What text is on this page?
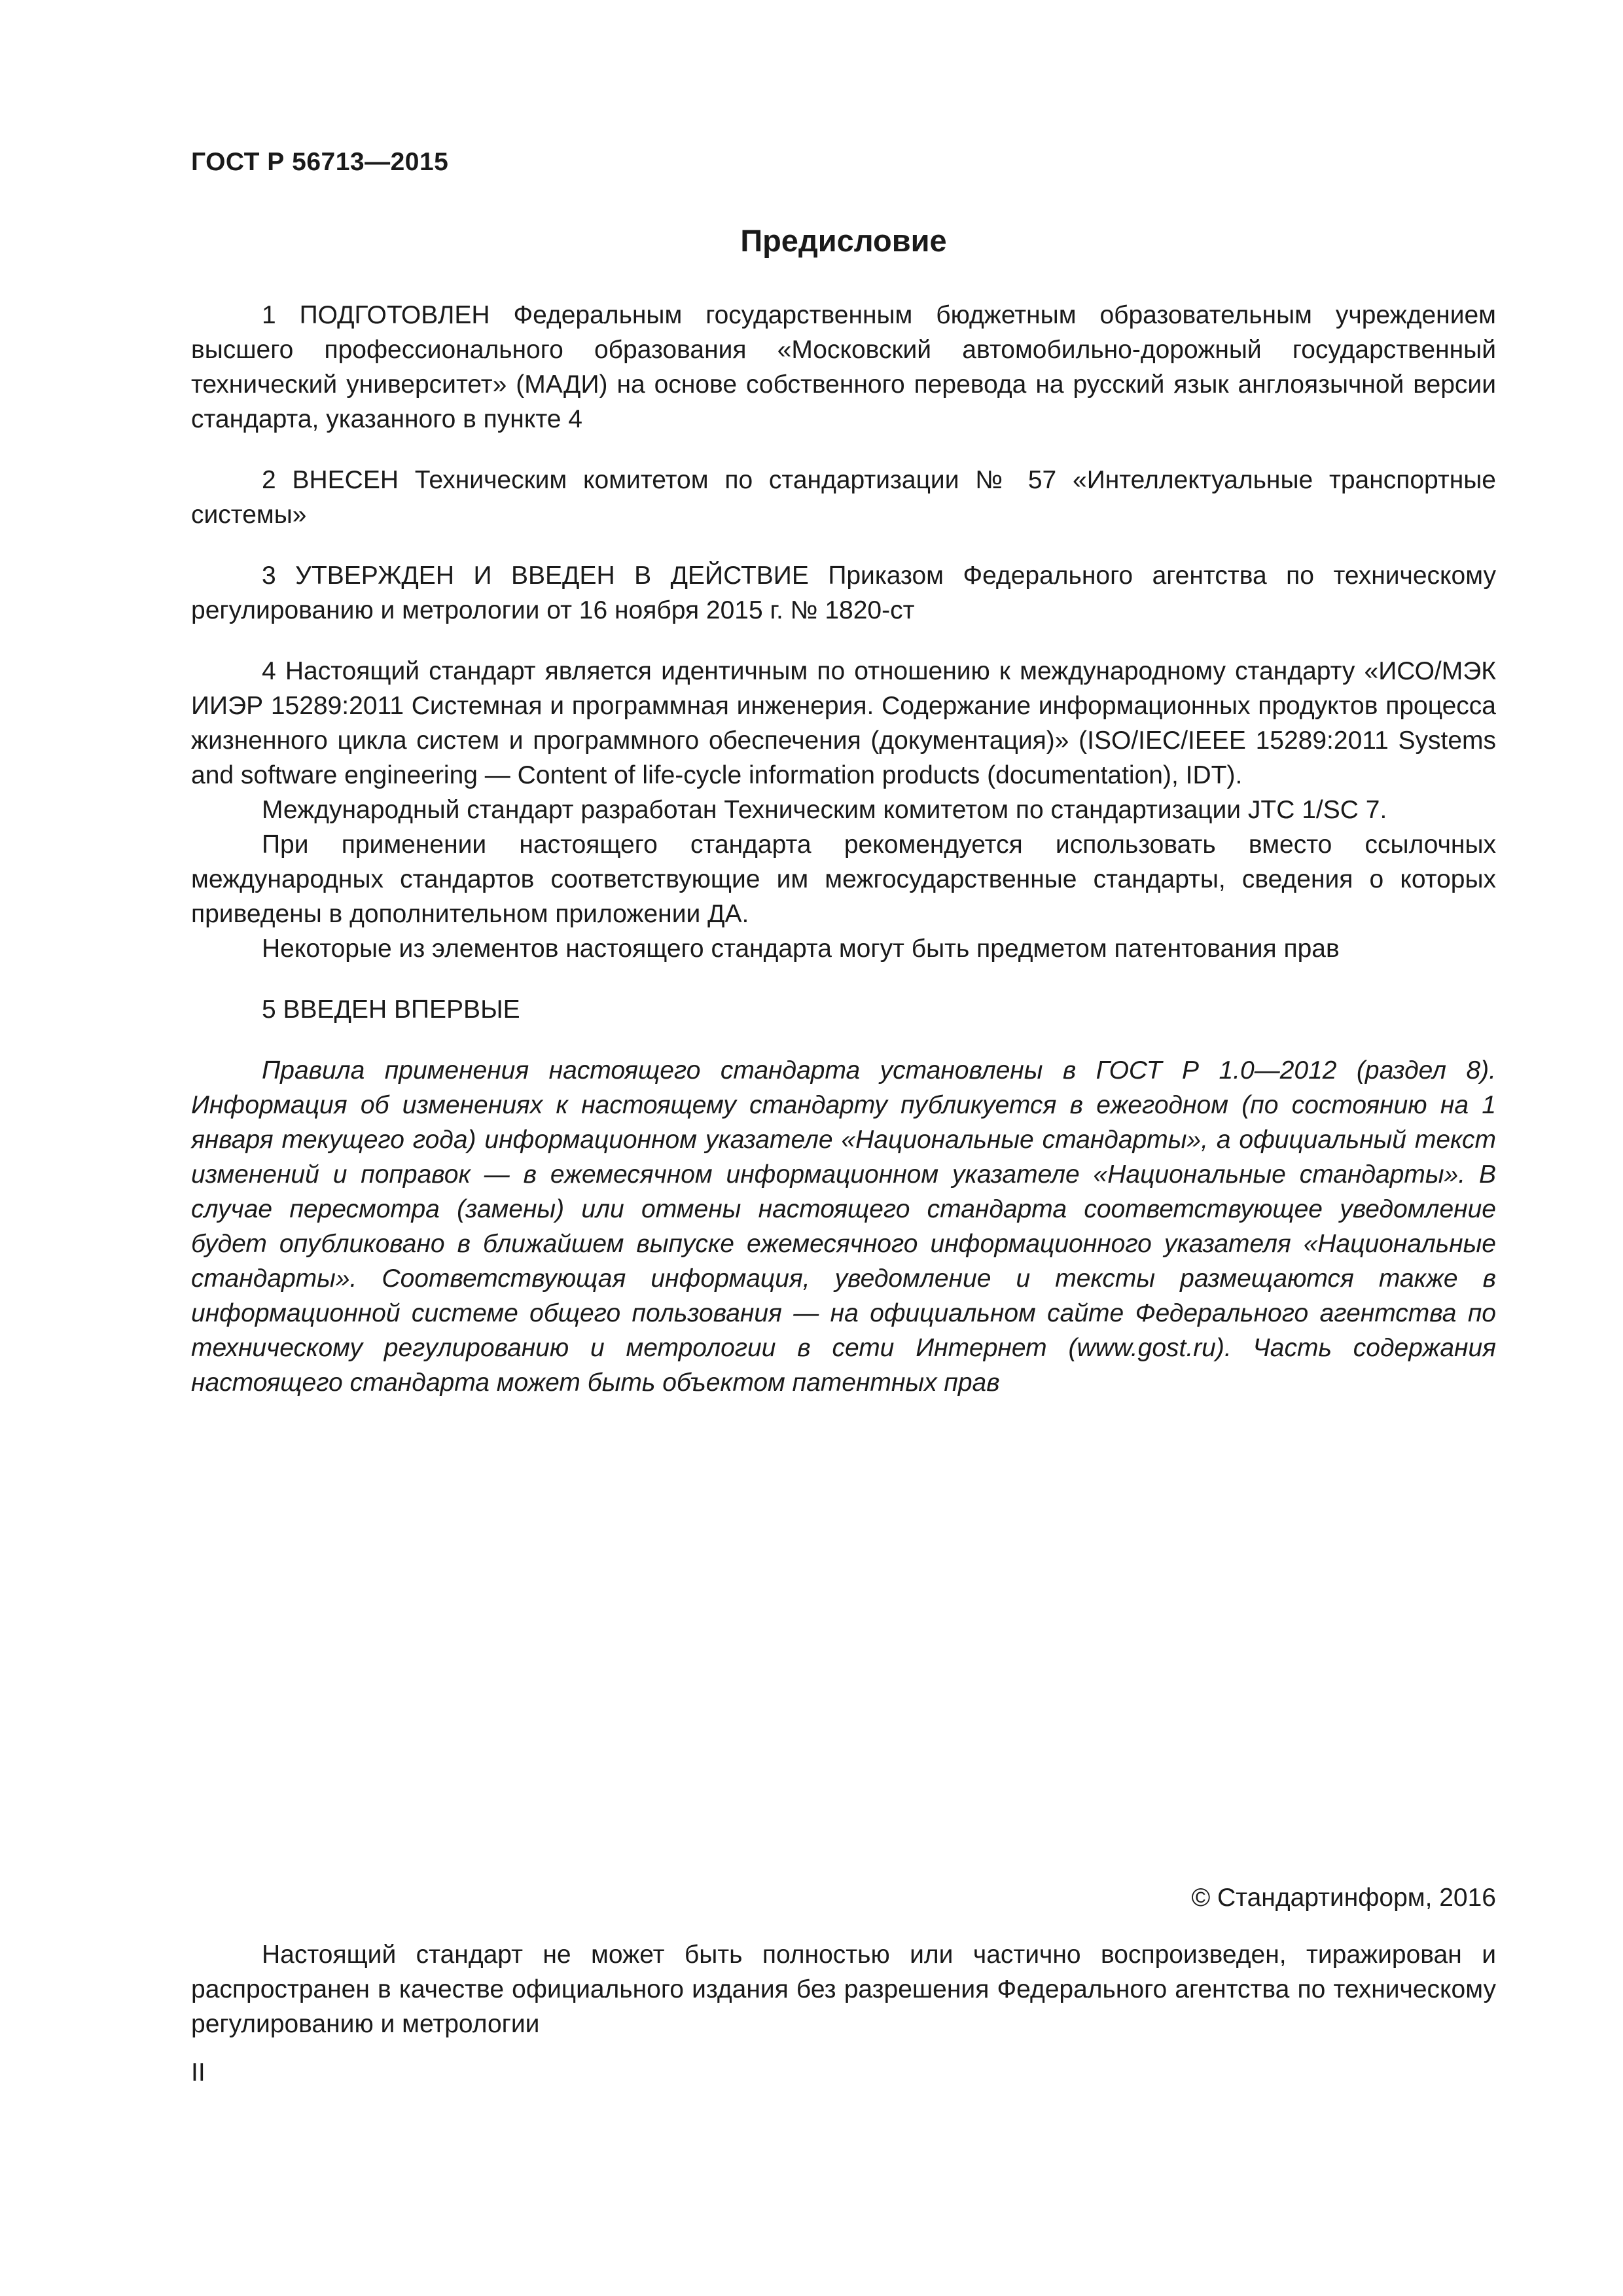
ГОСТ Р 56713—2015
Предисловие

1 ПОДГОТОВЛЕН Федеральным государственным бюджетным образовательным учреждением высшего профессионального образования «Московский автомобильно-дорожный государственный технический университет» (МАДИ) на основе собственного перевода на русский язык англоязычной версии стандарта, указанного в пункте 4

2 ВНЕСЕН Техническим комитетом по стандартизации № 57 «Интеллектуальные транспортные системы»

3 УТВЕРЖДЕН И ВВЕДЕН В ДЕЙСТВИЕ Приказом Федерального агентства по техническому регулированию и метрологии от 16 ноября 2015 г. № 1820-ст

4 Настоящий стандарт является идентичным по отношению к международному стандарту «ИСО/МЭК ИИЭР 15289:2011 Системная и программная инженерия. Содержание информационных продуктов процесса жизненного цикла систем и программного обеспечения (документация)» (ISO/IEC/IEEE 15289:2011 Systems and software engineering — Content of life-cycle information products (documentation), IDT).

Международный стандарт разработан Техническим комитетом по стандартизации JTC 1/SC 7.

При применении настоящего стандарта рекомендуется использовать вместо ссылочных международных стандартов соответствующие им межгосударственные стандарты, сведения о которых приведены в дополнительном приложении ДА.

Некоторые из элементов настоящего стандарта могут быть предметом патентования прав

5 ВВЕДЕН ВПЕРВЫЕ

Правила применения настоящего стандарта установлены в ГОСТ Р 1.0—2012 (раздел 8). Информация об изменениях к настоящему стандарту публикуется в ежегодном (по состоянию на 1 января текущего года) информационном указателе «Национальные стандарты», а официальный текст изменений и поправок — в ежемесячном информационном указателе «Национальные стандарты». В случае пересмотра (замены) или отмены настоящего стандарта соответствующее уведомление будет опубликовано в ближайшем выпуске ежемесячного информационного указателя «Национальные стандарты». Соответствующая информация, уведомление и тексты размещаются также в информационной системе общего пользования — на официальном сайте Федерального агентства по техническому регулированию и метрологии в сети Интернет (www.gost.ru). Часть содержания настоящего стандарта может быть объектом патентных прав

© Стандартинформ, 2016
Настоящий стандарт не может быть полностью или частично воспроизведен, тиражирован и распространен в качестве официального издания без разрешения Федерального агентства по техническому регулированию и метрологии
II
